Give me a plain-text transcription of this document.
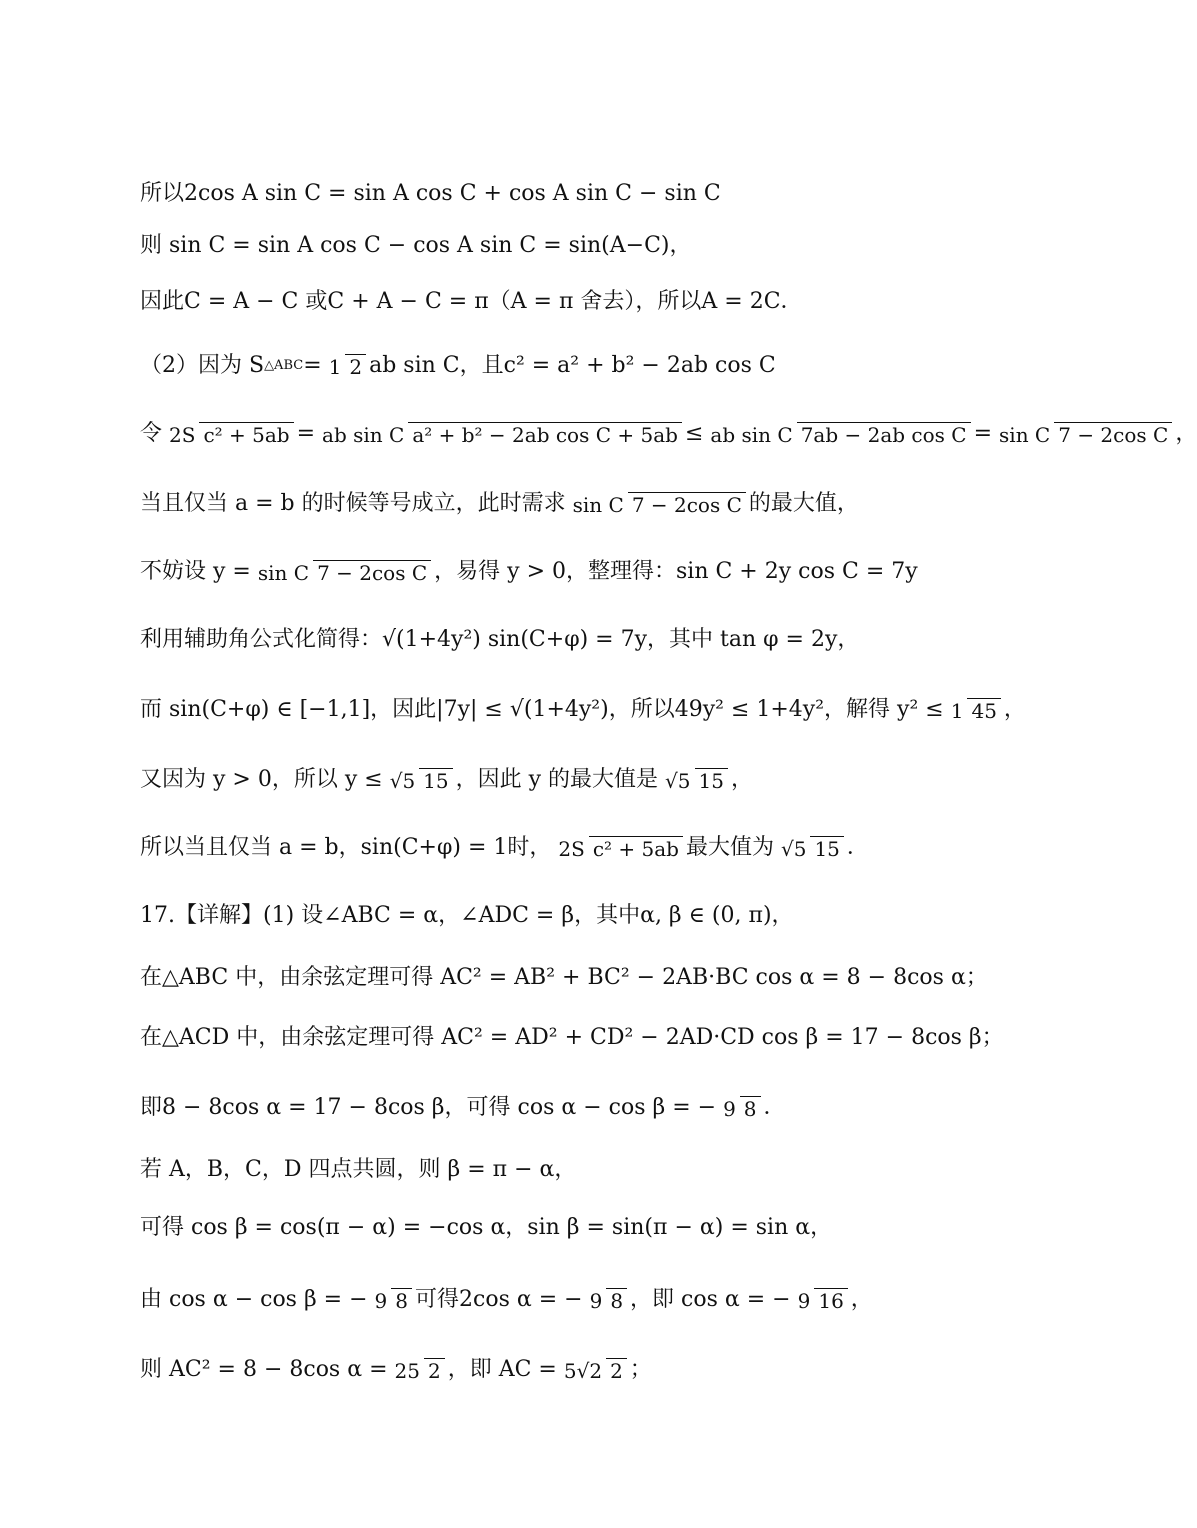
所以2cos A sin C = sin A cos C + cos A sin C − sin C
则 sin C = sin A cos C − cos A sin C = sin(A−C)，
因此C = A − C 或C + A − C = π（A = π 舍去），所以A = 2C．
（2）因为 S △ABC = 1 2 ab sin C，且c² = a² + b² − 2ab cos C
令 2S c² + 5ab = ab sin C a² + b² − 2ab cos C + 5ab ≤ ab sin C 7ab − 2ab cos C = sin C 7 − 2cos C ，
当且仅当 a = b 的时候等号成立，此时需求 sin C 7 − 2cos C 的最大值，
不妨设 y = sin C 7 − 2cos C ，易得 y > 0，整理得：sin C + 2y cos C = 7y
利用辅助角公式化简得：√(1+4y²) sin(C+φ) = 7y，其中 tan φ = 2y，
而 sin(C+φ) ∈ [−1,1]，因此|7y| ≤ √(1+4y²)，所以49y² ≤ 1+4y²，解得 y² ≤ 1 45 ，
又因为 y > 0，所以 y ≤ √5 15 ，因此 y 的最大值是 √5 15 ，
所以当且仅当 a = b，sin(C+φ) = 1时， 2S c² + 5ab 最大值为 √5 15 ．
17.【详解】(1) 设∠ABC = α，∠ADC = β，其中α, β ∈ (0, π)，
在△ABC 中，由余弦定理可得 AC² = AB² + BC² − 2AB·BC cos α = 8 − 8cos α；
在△ACD 中，由余弦定理可得 AC² = AD² + CD² − 2AD·CD cos β = 17 − 8cos β；
即8 − 8cos α = 17 − 8cos β，可得 cos α − cos β = − 9 8 ．
若 A，B，C，D 四点共圆，则 β = π − α，
可得 cos β = cos(π − α) = −cos α，sin β = sin(π − α) = sin α，
由 cos α − cos β = − 9 8 可得2cos α = − 9 8 ，即 cos α = − 9 16 ，
则 AC² = 8 − 8cos α = 25 2 ，即 AC = 5√2 2 ；
